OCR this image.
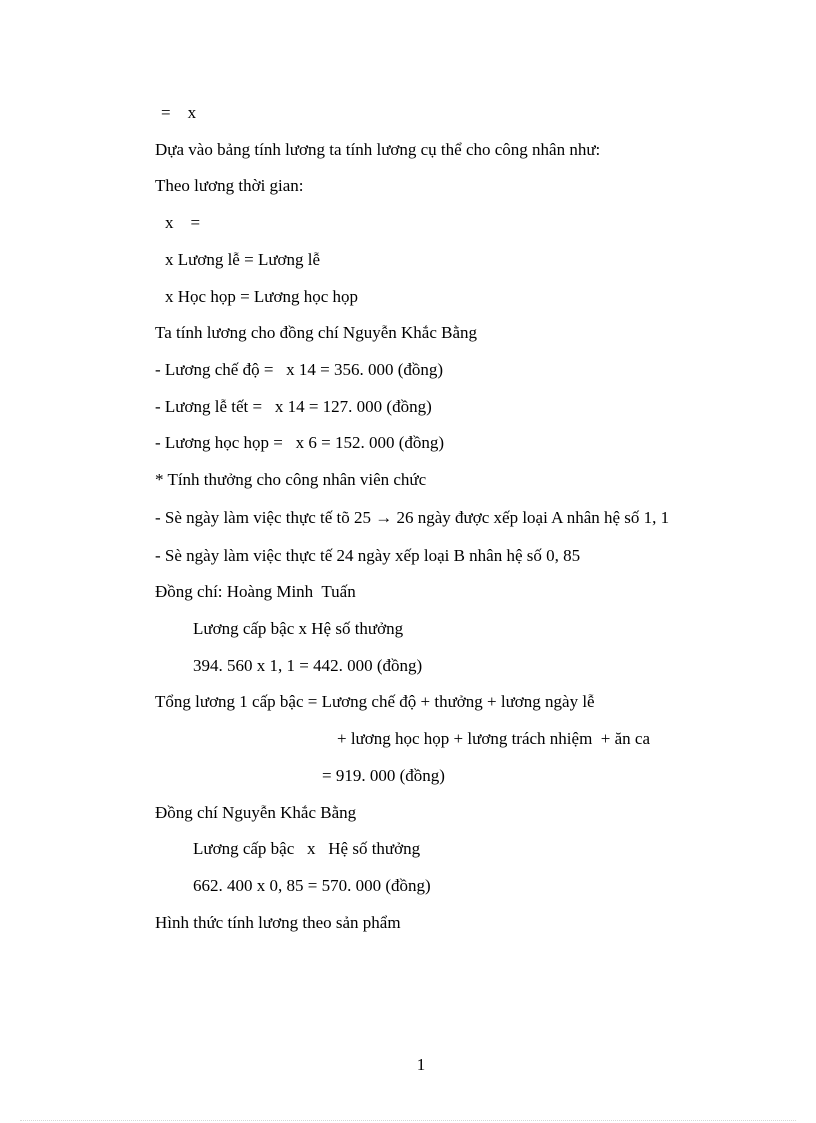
=    x
Dựa vào bảng tính lương ta tính lương cụ thể cho công nhân như:
Theo lương thời gian:
x    =
x Lương lễ = Lương lễ
x Học họp = Lương học họp
Ta tính lương cho đồng chí Nguyễn Khắc Bằng
- Lương chế độ =   x 14 = 356. 000 (đồng)
- Lương lễ tết =   x 14 = 127. 000 (đồng)
- Lương học họp =   x 6 = 152. 000 (đồng)
* Tính thưởng cho công nhân viên chức
- Sè ngày làm việc thực tế tõ 25 → 26 ngày được xếp loại A nhân hệ số 1, 1
- Sè ngày làm việc thực tế 24 ngày xếp loại B nhân hệ số 0, 85
Đồng chí: Hoàng Minh  Tuấn
Lương cấp bậc x Hệ số thưởng
394. 560 x 1, 1 = 442. 000 (đồng)
Tổng lương 1 cấp bậc = Lương chế độ + thưởng + lương ngày lễ
+ lương học họp + lương trách nhiệm  + ăn ca
= 919. 000 (đồng)
Đồng chí Nguyễn Khắc Bằng
Lương cấp bậc   x   Hệ số thưởng
662. 400 x 0, 85 = 570. 000 (đồng)
Hình thức tính lương theo sản phẩm
1
